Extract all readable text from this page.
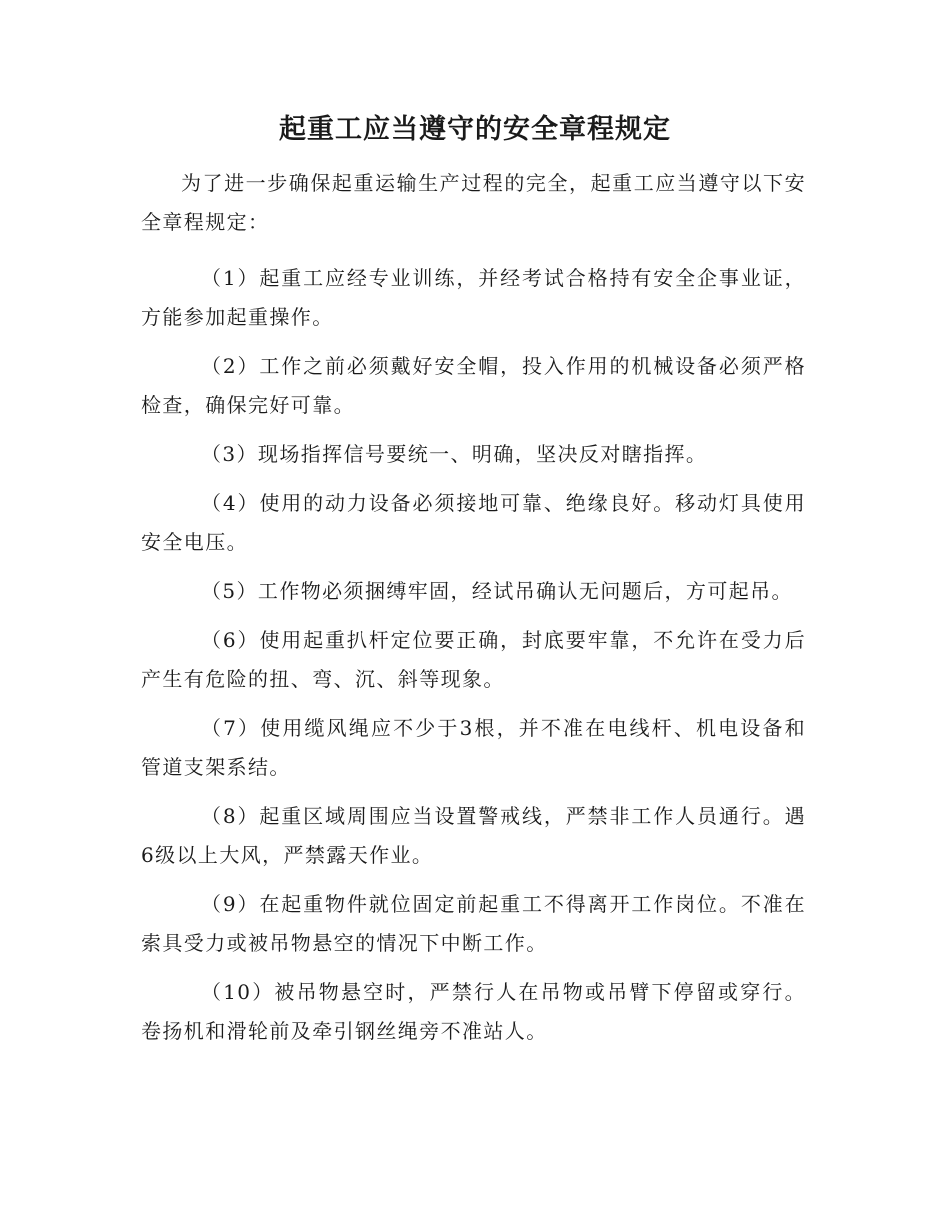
起重工应当遵守的安全章程规定

为了进一步确保起重运输生产过程的完全，起重工应当遵守以下安全章程规定：

（1）起重工应经专业训练，并经考试合格持有安全企事业证，方能参加起重操作。

（2）工作之前必须戴好安全帽，投入作用的机械设备必须严格检查，确保完好可靠。

（3）现场指挥信号要统一、明确，坚决反对瞎指挥。

（4）使用的动力设备必须接地可靠、绝缘良好。移动灯具使用安全电压。

（5）工作物必须捆缚牢固，经试吊确认无问题后，方可起吊。

（6）使用起重扒杆定位要正确，封底要牢靠，不允许在受力后产生有危险的扭、弯、沉、斜等现象。

（7）使用缆风绳应不少于3根，并不准在电线杆、机电设备和管道支架系结。

（8）起重区域周围应当设置警戒线，严禁非工作人员通行。遇6级以上大风，严禁露天作业。

（9）在起重物件就位固定前起重工不得离开工作岗位。不准在索具受力或被吊物悬空的情况下中断工作。

（10）被吊物悬空时，严禁行人在吊物或吊臂下停留或穿行。卷扬机和滑轮前及牵引钢丝绳旁不准站人。
